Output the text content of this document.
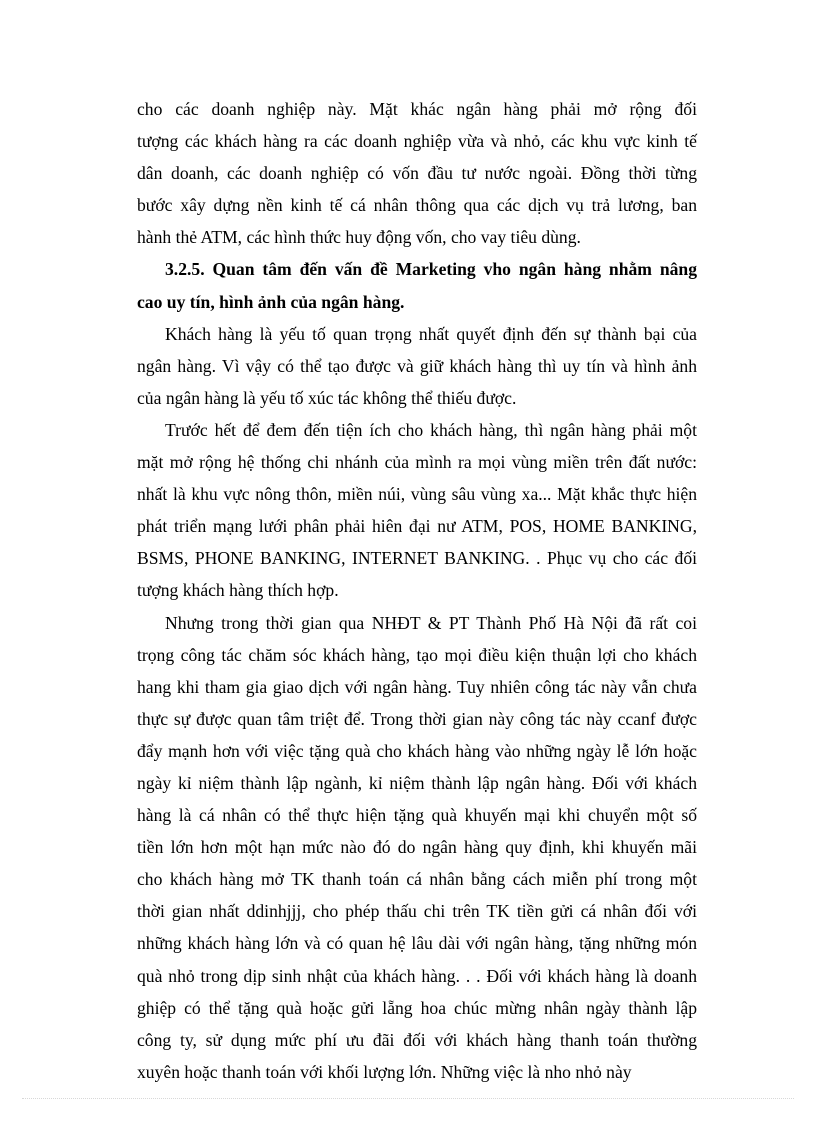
cho các doanh nghiệp này. Mặt khác ngân hàng phải mở rộng đối
tượng các khách hàng ra các doanh nghiệp vừa và nhỏ, các khu vực kinh tế
dân doanh, các doanh nghiệp có vốn đầu tư nước ngoài. Đồng thời từng
bước xây dựng nền kinh tế cá nhân thông qua các dịch vụ trả lương, ban
hành thẻ ATM, các hình thức huy động vốn, cho vay tiêu dùng.
3.2.5. Quan tâm đến vấn đề Marketing vho ngân hàng nhằm nâng
cao uy tín, hình ảnh của ngân hàng.
Khách hàng là yếu tố quan trọng nhất quyết định đến sự thành bại của
ngân hàng. Vì vậy có thể tạo được và giữ khách hàng thì uy tín và hình ảnh
của ngân hàng là yếu tố xúc tác không thể thiếu được.
Trước hết để đem đến tiện ích cho khách hàng, thì ngân hàng phải một
mặt mở rộng hệ thống chi nhánh của mình ra mọi vùng miền trên đất nước:
nhất là khu vực nông thôn, miền núi, vùng sâu vùng xa... Mặt khắc thực hiện
phát triển mạng lưới phân phải hiên đại nư ATM, POS, HOME BANKING,
BSMS, PHONE BANKING, INTERNET BANKING. . Phục vụ cho các đối
tượng khách hàng thích hợp.
Nhưng trong thời gian qua NHĐT & PT Thành Phố Hà Nội đã rất coi
trọng công tác chăm sóc khách hàng, tạo mọi điều kiện thuận lợi cho khách
hang khi tham gia giao dịch với ngân hàng. Tuy nhiên công tác này vẫn chưa
thực sự được quan tâm triệt để. Trong thời gian này công tác này ccanf được
đẩy mạnh hơn với việc tặng quà cho khách hàng vào những ngày lễ lớn hoặc
ngày kỉ niệm thành lập ngành, kỉ niệm thành lập ngân hàng. Đối với khách
hàng là cá nhân có thể thực hiện tặng quà khuyến mại khi chuyển một số
tiền lớn hơn một hạn mức nào đó do ngân hàng quy định, khi khuyến mãi
cho khách hàng mở TK thanh toán cá nhân bằng cách miễn phí trong một
thời gian nhất ddinhjjj, cho phép thấu chi trên TK tiền gửi cá nhân đối với
những khách hàng lớn và có quan hệ lâu dài với ngân hàng, tặng những món
quà nhỏ trong dịp sinh nhật của khách hàng. . . Đối với khách hàng là doanh
ghiệp có thể tặng quà hoặc gửi lẵng hoa chúc mừng nhân ngày thành lập
công ty, sử dụng mức phí ưu đãi đối với khách hàng thanh toán thường
xuyên hoặc thanh toán với khối lượng lớn. Những việc là nho nhỏ này
